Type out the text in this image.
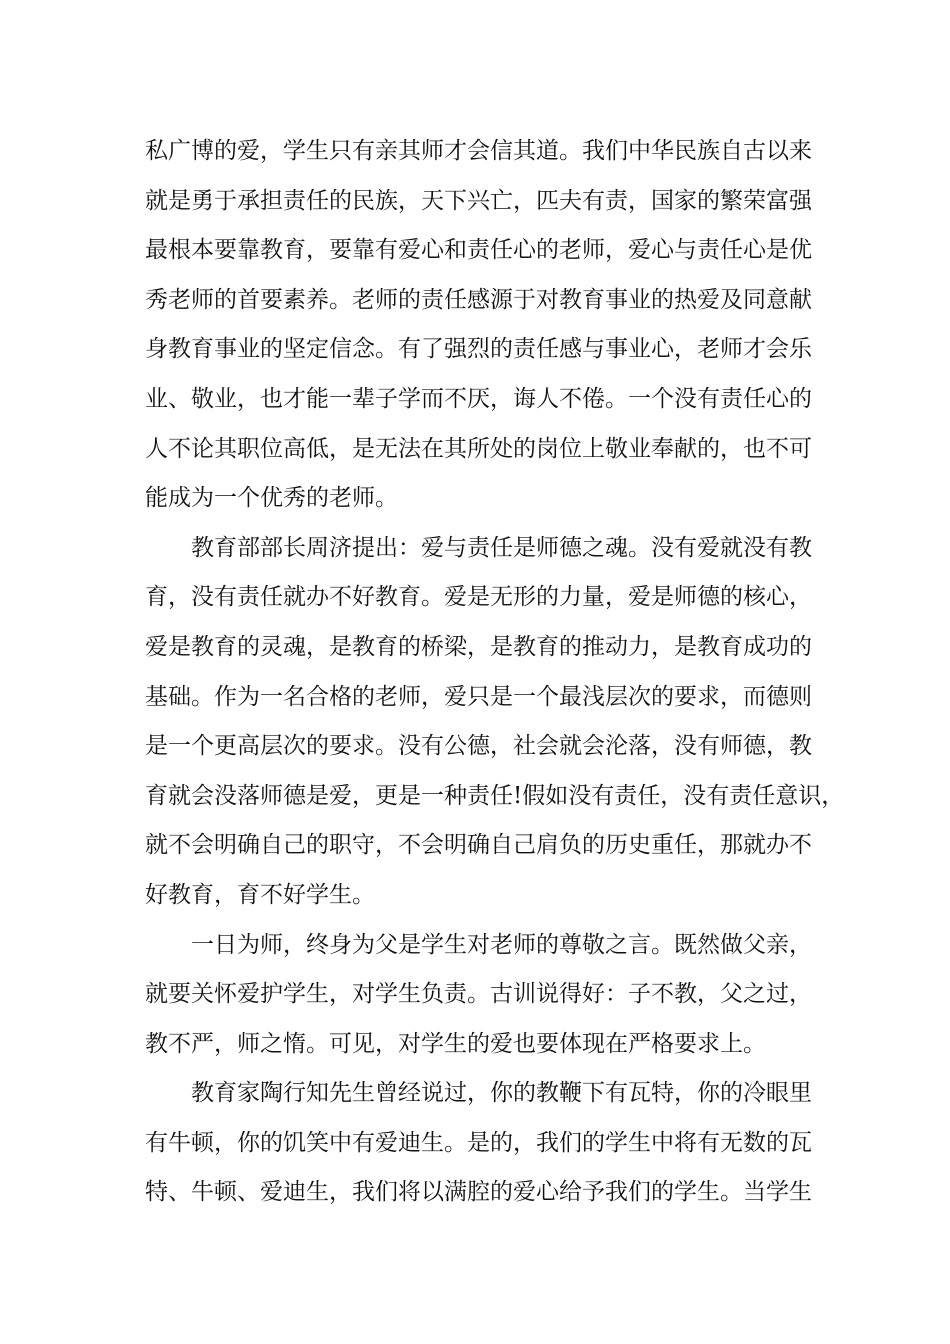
私广博的爱，学生只有亲其师才会信其道。我们中华民族自古以来
就是勇于承担责任的民族，天下兴亡，匹夫有责，国家的繁荣富强
最根本要靠教育，要靠有爱心和责任心的老师，爱心与责任心是优
秀老师的首要素养。老师的责任感源于对教育事业的热爱及同意献
身教育事业的坚定信念。有了强烈的责任感与事业心，老师才会乐
业、敬业，也才能一辈子学而不厌，诲人不倦。一个没有责任心的
人不论其职位高低，是无法在其所处的岗位上敬业奉献的，也不可
能成为一个优秀的老师。
　　教育部部长周济提出：爱与责任是师德之魂。没有爱就没有教
育，没有责任就办不好教育。爱是无形的力量，爱是师德的核心，
爱是教育的灵魂，是教育的桥梁，是教育的推动力，是教育成功的
基础。作为一名合格的老师，爱只是一个最浅层次的要求，而德则
是一个更高层次的要求。没有公德，社会就会沦落，没有师德，教
育就会没落师德是爱，更是一种责任!假如没有责任，没有责任意识，
就不会明确自己的职守，不会明确自己肩负的历史重任，那就办不
好教育，育不好学生。
　　一日为师，终身为父是学生对老师的尊敬之言。既然做父亲，
就要关怀爱护学生，对学生负责。古训说得好：子不教，父之过，
教不严，师之惰。可见，对学生的爱也要体现在严格要求上。
　　教育家陶行知先生曾经说过，你的教鞭下有瓦特，你的冷眼里
有牛顿，你的饥笑中有爱迪生。是的，我们的学生中将有无数的瓦
特、牛顿、爱迪生，我们将以满腔的爱心给予我们的学生。当学生
